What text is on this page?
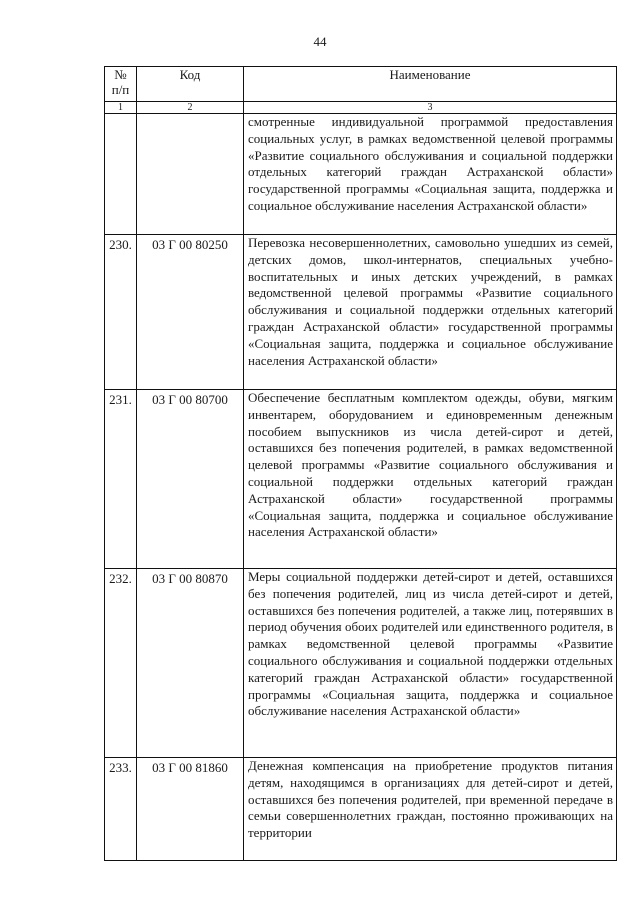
44
№
п/п	Код	Наименование
1	2	3
		смотренные индивидуальной программой предоставления социальных услуг, в рамках ведомственной целевой программы «Развитие социального обслуживания и социальной поддержки отдельных категорий граждан Астраханской области» государственной программы «Социальная защита, поддержка и социальное обслуживание населения Астраханской области»
230.	03 Г 00 80250	Перевозка несовершеннолетних, самовольно ушедших из семей, детских домов, школ-интернатов, специальных учебно-воспитательных и иных детских учреждений, в рамках ведомственной целевой программы «Развитие социального обслуживания и социальной поддержки отдельных категорий граждан Астраханской области» государственной программы «Социальная защита, поддержка и социальное обслуживание населения Астраханской области»
231.	03 Г 00 80700	Обеспечение бесплатным комплектом одежды, обуви, мягким инвентарем, оборудованием и единовременным денежным пособием выпускников из числа детей-сирот и детей, оставшихся без попечения родителей, в рамках ведомственной целевой программы «Развитие социального обслуживания и социальной поддержки отдельных категорий граждан Астраханской области» государственной программы «Социальная защита, поддержка и социальное обслуживание населения Астраханской области»
232.	03 Г 00 80870	Меры социальной поддержки детей-сирот и детей, оставшихся без попечения родителей, лиц из числа детей-сирот и детей, оставшихся без попечения родителей, а также лиц, потерявших в период обучения обоих родителей или единственного родителя, в рамках ведомственной целевой программы «Развитие социального обслуживания и социальной поддержки отдельных категорий граждан Астраханской области» государственной программы «Социальная защита, поддержка и социальное обслуживание населения Астраханской области»
233.	03 Г 00 81860	Денежная компенсация на приобретение продуктов питания детям, находящимся в организациях для детей-сирот и детей, оставшихся без попечения родителей, при временной передаче в семьи совершеннолетних граждан, постоянно проживающих на территории
